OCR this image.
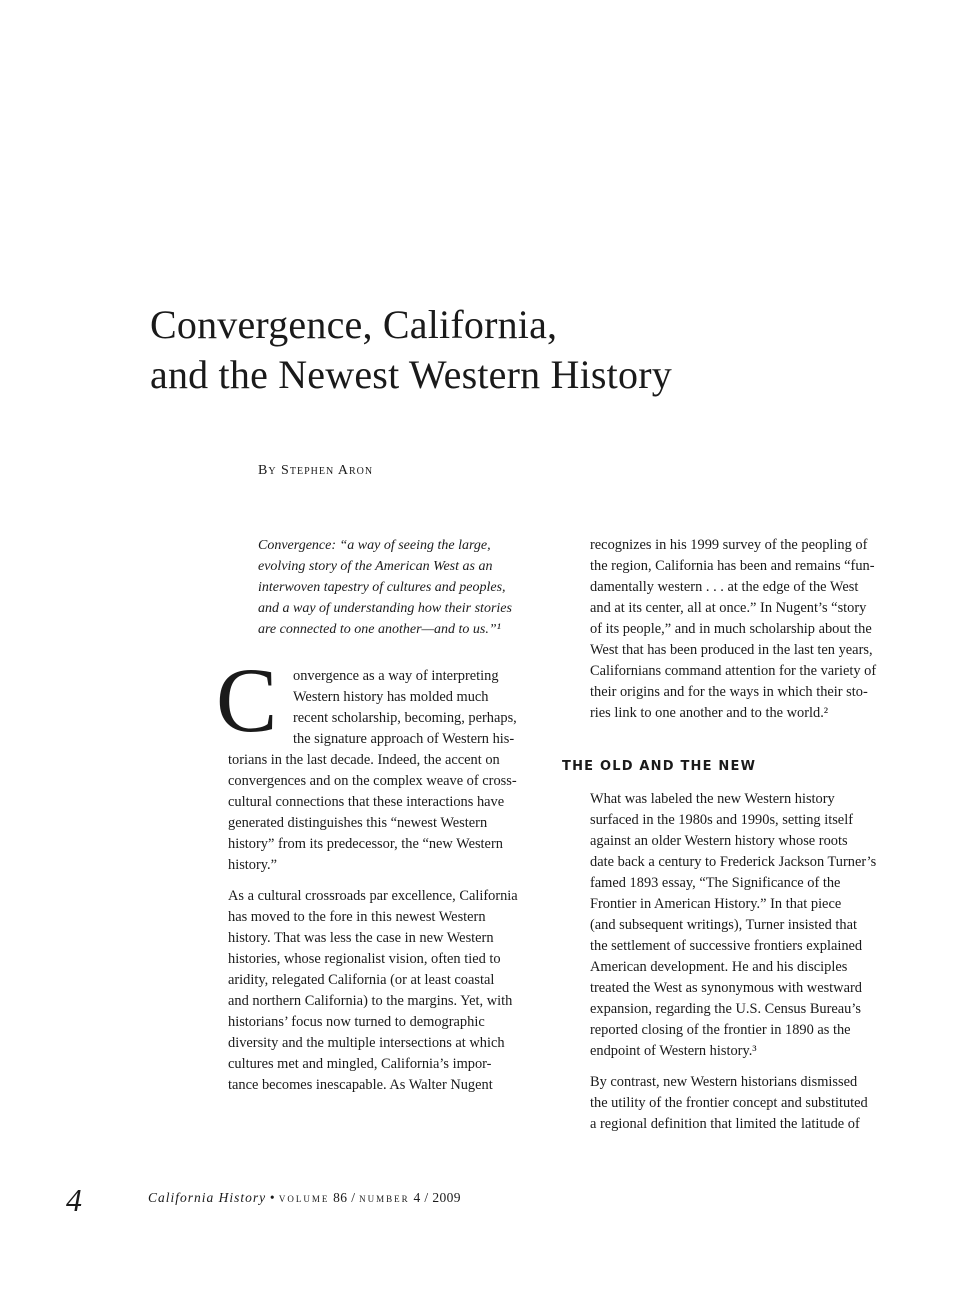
Convergence, California,
and the Newest Western History
By Stephen Aron
Convergence: “a way of seeing the large,
evolving story of the American West as an
interwoven tapestry of cultures and peoples,
and a way of understanding how their stories
are connected to one another—and to us.”¹
C	onvergence as a way of interpreting
Western history has molded much
recent scholarship, becoming, perhaps,
the signature approach of Western his-
torians in the last decade. Indeed, the accent on
convergences and on the complex weave of cross-
cultural connections that these interactions have
generated distinguishes this “newest Western
history” from its predecessor, the “new Western
history.”
As a cultural crossroads par excellence, California
has moved to the fore in this newest Western
history. That was less the case in new Western
histories, whose regionalist vision, often tied to
aridity, relegated California (or at least coastal
and northern California) to the margins. Yet, with
historians’ focus now turned to demographic
diversity and the multiple intersections at which
cultures met and mingled, California’s impor-
tance becomes inescapable. As Walter Nugent
recognizes in his 1999 survey of the peopling of
the region, California has been and remains “fun-
damentally western . . . at the edge of the West
and at its center, all at once.” In Nugent’s “story
of its people,” and in much scholarship about the
West that has been produced in the last ten years,
Californians command attention for the variety of
their origins and for the ways in which their sto-
ries link to one another and to the world.²
THE OLD AND THE NEW
What was labeled the new Western history
surfaced in the 1980s and 1990s, setting itself
against an older Western history whose roots
date back a century to Frederick Jackson Turner’s
famed 1893 essay, “The Significance of the
Frontier in American History.” In that piece
(and subsequent writings), Turner insisted that
the settlement of successive frontiers explained
American development. He and his disciples
treated the West as synonymous with westward
expansion, regarding the U.S. Census Bureau’s
reported closing of the frontier in 1890 as the
endpoint of Western history.³
By contrast, new Western historians dismissed
the utility of the frontier concept and substituted
a regional definition that limited the latitude of
4	California History • volume 86 / number 4 / 2009
